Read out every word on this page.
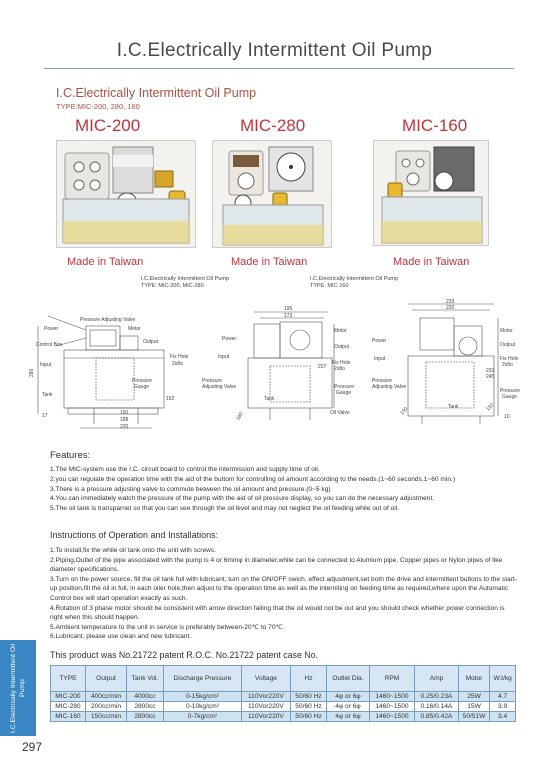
I.C.Electrically Intermittent Oil Pump
I.C.Electrically Intermittent Oil Pump
TYPE:MIC-200, 280, 160
MIC-200	MIC-280	MIC-160
Made in Taiwan	Made in Taiwan	Made in Taiwan
I.C.Electrically Intermittent Oil Pump
TYPE: MIC-200, MIC-280
I.C.Electrically Intermittent Oil Pump
TYPE: MIC-160
Pressure Adjusting Valve
Power	Motor
Control Box	Output
Input
Fix Hole
2x8o
Pressure
Gauge
Tank
280
150
188
220
152
17
195
173
Motor
Power
Output
Input
Fix Hole
2x8o
227
Pressure
Adjusting Valve
Tank
Pressure
Gauge
Oil Valve
180
233
220
Motor
Power
Output
Input	Fix Hole
2x8o
233
245
Pressure
Adjusting Valve
Tank
Pressure
Gauge
150	110
10
Features:
1.The MIC-system use the I.C. circuit board to control the intermission and supply time of oil.
2.you can regulate the operation time with the aid of the buttom for controlling oil amount according to the needs.(1~60 seconds,1~60 min.)
3.There is a pressure adjusting valve to commute between the oil amount and pressure.(0~5 kg)
4.You can immediately watch the pressure of the pump with the aid of oil pressure display, so you can do the necessary adjustment.
5.The oil tank is transparnet so that you can see through the oil level and may not neglect the oil feeding while out of oil.
Instructions of Operation and Installations:
1.To install,fix the while oil tank onto the unit with screws.
2.Piping,Outlet of the pipe associated with the pump is 4 or 6mmφ in diameter,while can be connected to Alumium pipe, Copper pipes or Nylon pipes of like diameter specifications.
3.Turn on the power source, fill the oil tank full with lubricant, turn on the ON/OFF swich, effect adjustment,set both the drive and intermittent buttons to the start-up position,fill the oil in full, in each oiler hole,then adjust to the operation time as well as the interniting on feeding time as required,where upon the Automatic Control box will start operation exactly as such.
4.Rotation of 3 phase motor should be consistent with arrow direction failing that the oil would not be out and you should check whether power connection is right when this should happen.
5.Ambient temperature to the unit in service is preferably between-20℃ to 70℃.
6.Lubricant, please use clean and new lubricant.
This product was No.21722 patent R.O.C. No.21722 patent case No.
I.C.Electrically Intermittent Oil Pump
TYPE	Output	Tank Vol.	Discharge Pressure	Voltage	Hz	Outlet Dia.	RPM	Amp	Motor	W.t/kg
MIC-200	400cc/min	4000cc	0-15kg/cm²	110Vor220V	50/60 Hz	4φ or 6φ	1460~1500	0.25/0.23A	25W	4.7
MIC-280	200cc/min	2800cc	0-10kg/cm²	110Vor220V	50/60 Hz	4φ or 6φ	1460~1500	0.16/0.14A	15W	3.9
MIC-160	150cc/min	2800cc	0-7kg/cm²	110Vor220V	50/60 Hz	4φ or 6φ	1460~1500	0.85/0.42A	50/51W	3.4
297
